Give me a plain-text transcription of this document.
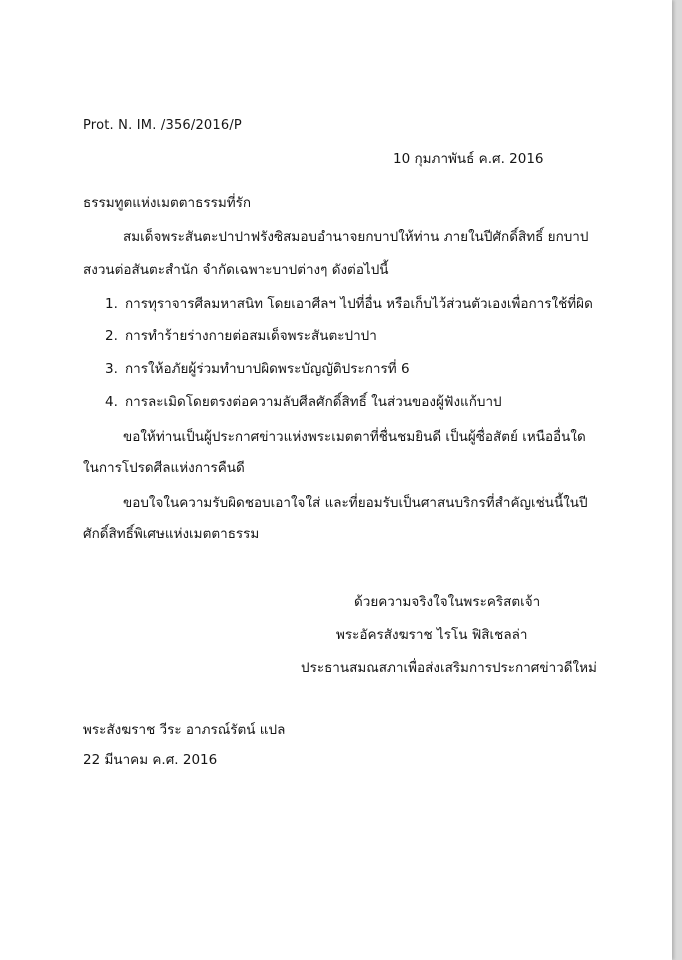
Prot. N. IM. /356/2016/P
10 กุมภาพันธ์ ค.ศ. 2016
ธรรมทูตแห่งเมตตาธรรมที่รัก
สมเด็จพระสันตะปาปาฟรังซิสมอบอำนาจยกบาปให้ท่าน ภายในปีศักดิ์สิทธิ์ ยกบาป
สงวนต่อสันตะสำนัก จำกัดเฉพาะบาปต่างๆ ดังต่อไปนี้
1. การทุราจารศีลมหาสนิท โดยเอาศีลฯ ไปที่อื่น หรือเก็บไว้ส่วนตัวเองเพื่อการใช้ที่ผิด
2. การทำร้ายร่างกายต่อสมเด็จพระสันตะปาปา
3. การให้อภัยผู้ร่วมทำบาปผิดพระบัญญัติประการที่ 6
4. การละเมิดโดยตรงต่อความลับศีลศักดิ์สิทธิ์ ในส่วนของผู้ฟังแก้บาป
ขอให้ท่านเป็นผู้ประกาศข่าวแห่งพระเมตตาที่ชื่นชมยินดี เป็นผู้ซื่อสัตย์ เหนืออื่นใด
ในการโปรดศีลแห่งการคืนดี
ขอบใจในความรับผิดชอบเอาใจใส่ และที่ยอมรับเป็นศาสนบริกรที่สำคัญเช่นนี้ในปี
ศักดิ์สิทธิ์พิเศษแห่งเมตตาธรรม
ด้วยความจริงใจในพระคริสตเจ้า
พระอัครสังฆราช ไรโน ฟิสิเชลล่า
ประธานสมณสภาเพื่อส่งเสริมการประกาศข่าวดีใหม่
พระสังฆราช วีระ อาภรณ์รัตน์ แปล
22 มีนาคม ค.ศ. 2016
